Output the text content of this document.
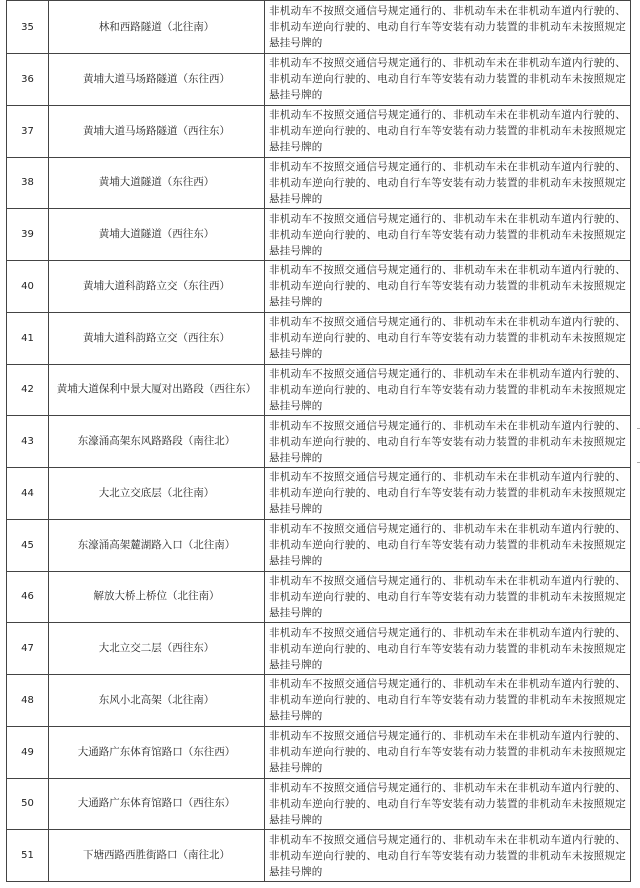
35	林和西路隧道（北往南）	非机动车不按照交通信号规定通行的、非机动车未在非机动车道内行驶的、非机动车逆向行驶的、电动自行车等安装有动力装置的非机动车未按照规定悬挂号牌的
36	黄埔大道马场路隧道（东往西）	非机动车不按照交通信号规定通行的、非机动车未在非机动车道内行驶的、非机动车逆向行驶的、电动自行车等安装有动力装置的非机动车未按照规定悬挂号牌的
37	黄埔大道马场路隧道（西往东）	非机动车不按照交通信号规定通行的、非机动车未在非机动车道内行驶的、非机动车逆向行驶的、电动自行车等安装有动力装置的非机动车未按照规定悬挂号牌的
38	黄埔大道隧道（东往西）	非机动车不按照交通信号规定通行的、非机动车未在非机动车道内行驶的、非机动车逆向行驶的、电动自行车等安装有动力装置的非机动车未按照规定悬挂号牌的
39	黄埔大道隧道（西往东）	非机动车不按照交通信号规定通行的、非机动车未在非机动车道内行驶的、非机动车逆向行驶的、电动自行车等安装有动力装置的非机动车未按照规定悬挂号牌的
40	黄埔大道科韵路立交（东往西）	非机动车不按照交通信号规定通行的、非机动车未在非机动车道内行驶的、非机动车逆向行驶的、电动自行车等安装有动力装置的非机动车未按照规定悬挂号牌的
41	黄埔大道科韵路立交（西往东）	非机动车不按照交通信号规定通行的、非机动车未在非机动车道内行驶的、非机动车逆向行驶的、电动自行车等安装有动力装置的非机动车未按照规定悬挂号牌的
42	黄埔大道保利中景大厦对出路段（西往东）	非机动车不按照交通信号规定通行的、非机动车未在非机动车道内行驶的、非机动车逆向行驶的、电动自行车等安装有动力装置的非机动车未按照规定悬挂号牌的
43	东濠涌高架东风路路段（南往北）	非机动车不按照交通信号规定通行的、非机动车未在非机动车道内行驶的、非机动车逆向行驶的、电动自行车等安装有动力装置的非机动车未按照规定悬挂号牌的
44	大北立交底层（北往南）	非机动车不按照交通信号规定通行的、非机动车未在非机动车道内行驶的、非机动车逆向行驶的、电动自行车等安装有动力装置的非机动车未按照规定悬挂号牌的
45	东濠涌高架麓湖路入口（北往南）	非机动车不按照交通信号规定通行的、非机动车未在非机动车道内行驶的、非机动车逆向行驶的、电动自行车等安装有动力装置的非机动车未按照规定悬挂号牌的
46	解放大桥上桥位（北往南）	非机动车不按照交通信号规定通行的、非机动车未在非机动车道内行驶的、非机动车逆向行驶的、电动自行车等安装有动力装置的非机动车未按照规定悬挂号牌的
47	大北立交二层（西往东）	非机动车不按照交通信号规定通行的、非机动车未在非机动车道内行驶的、非机动车逆向行驶的、电动自行车等安装有动力装置的非机动车未按照规定悬挂号牌的
48	东风小北高架（北往南）	非机动车不按照交通信号规定通行的、非机动车未在非机动车道内行驶的、非机动车逆向行驶的、电动自行车等安装有动力装置的非机动车未按照规定悬挂号牌的
49	大通路广东体育馆路口（东往西）	非机动车不按照交通信号规定通行的、非机动车未在非机动车道内行驶的、非机动车逆向行驶的、电动自行车等安装有动力装置的非机动车未按照规定悬挂号牌的
50	大通路广东体育馆路口（西往东）	非机动车不按照交通信号规定通行的、非机动车未在非机动车道内行驶的、非机动车逆向行驶的、电动自行车等安装有动力装置的非机动车未按照规定悬挂号牌的
51	下塘西路西胜街路口（南往北）	非机动车不按照交通信号规定通行的、非机动车未在非机动车道内行驶的、非机动车逆向行驶的、电动自行车等安装有动力装置的非机动车未按照规定悬挂号牌的
